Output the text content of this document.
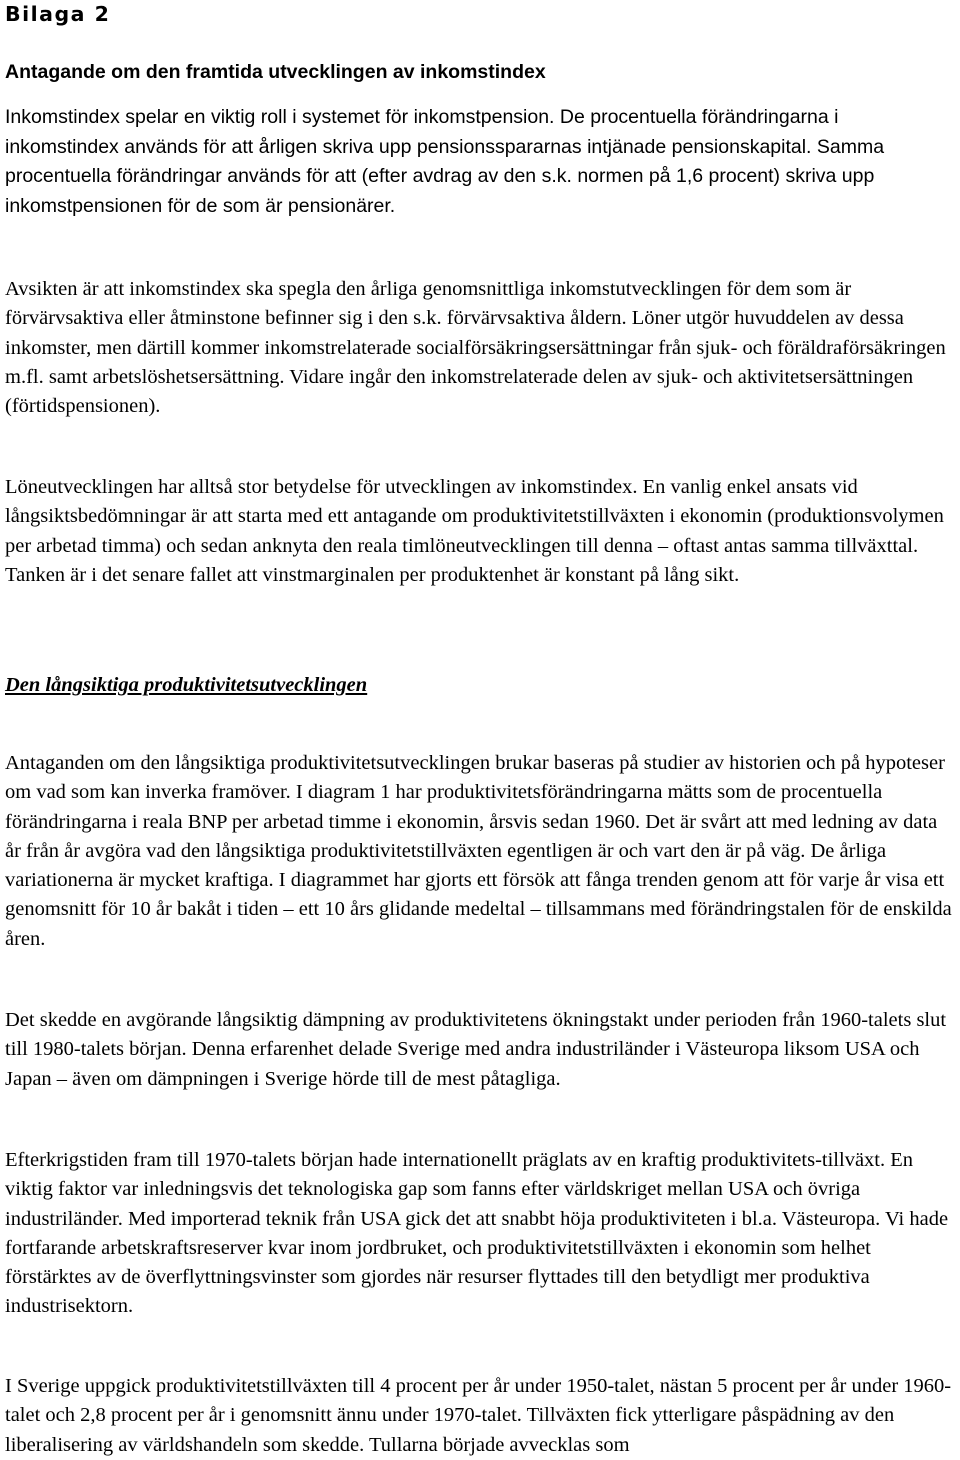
Bilaga 2
Antagande om den framtida utvecklingen av inkomstindex

Inkomstindex spelar en viktig roll i systemet för inkomstpension. De procentuella förändringarna i inkomstindex används för att årligen skriva upp pensionsspararnas intjänade pensionskapital. Samma procentuella förändringar används för att (efter avdrag av den s.k. normen på 1,6 procent) skriva upp inkomstpensionen för de som är pensionärer.

Avsikten är att inkomstindex ska spegla den årliga genomsnittliga inkomstutvecklingen för dem som är förvärvsaktiva eller åtminstone befinner sig i den s.k. förvärvsaktiva åldern. Löner utgör huvuddelen av dessa inkomster, men därtill kommer inkomstrelaterade socialförsäkringsersättningar från sjuk- och föräldraförsäkringen m.fl. samt arbetslöshetsersättning. Vidare ingår den inkomstrelaterade delen av sjuk- och aktivitetsersättningen (förtidspensionen).

Löneutvecklingen har alltså stor betydelse för utvecklingen av inkomstindex. En vanlig enkel ansats vid långsiktsbedömningar är att starta med ett antagande om produktivitetstillväxten i ekonomin (produktionsvolymen per arbetad timma) och sedan anknyta den reala timlöneutvecklingen till denna – oftast antas samma tillväxttal. Tanken är i det senare fallet att vinstmarginalen per produktenhet är konstant på lång sikt.

Den långsiktiga produktivitetsutvecklingen

Antaganden om den långsiktiga produktivitetsutvecklingen brukar baseras på studier av historien och på hypoteser om vad som kan inverka framöver. I diagram 1 har produktivitetsförändringarna mätts som de procentuella förändringarna i reala BNP per arbetad timme i ekonomin, årsvis sedan 1960. Det är svårt att med ledning av data år från år avgöra vad den långsiktiga produktivitetstillväxten egentligen är och vart den är på väg. De årliga variationerna är mycket kraftiga. I diagrammet har gjorts ett försök att fånga trenden genom att för varje år visa ett genomsnitt för 10 år bakåt i tiden – ett 10 års glidande medeltal – tillsammans med förändringstalen för de enskilda åren.

Det skedde en avgörande långsiktig dämpning av produktivitetens ökningstakt under perioden från 1960-talets slut till 1980-talets början. Denna erfarenhet delade Sverige med andra industriländer i Västeuropa liksom USA och Japan – även om dämpningen i Sverige hörde till de mest påtagliga.

Efterkrigstiden fram till 1970-talets början hade internationellt präglats av en kraftig produktivitets-tillväxt. En viktig faktor var inledningsvis det teknologiska gap som fanns efter världskriget mellan USA och övriga industriländer. Med importerad teknik från USA gick det att snabbt höja produktiviteten i bl.a. Västeuropa. Vi hade fortfarande arbetskraftsreserver kvar inom jordbruket, och produktivitetstillväxten i ekonomin som helhet förstärktes av de överflyttningsvinster som gjordes när resurser flyttades till den betydligt mer produktiva industrisektorn.

I Sverige uppgick produktivitetstillväxten till 4 procent per år under 1950-talet, nästan 5 procent per år under 1960-talet och 2,8 procent per år i genomsnitt ännu under 1970-talet. Tillväxten fick ytterligare påspädning av den liberalisering av världshandeln som skedde. Tullarna började avvecklas som
